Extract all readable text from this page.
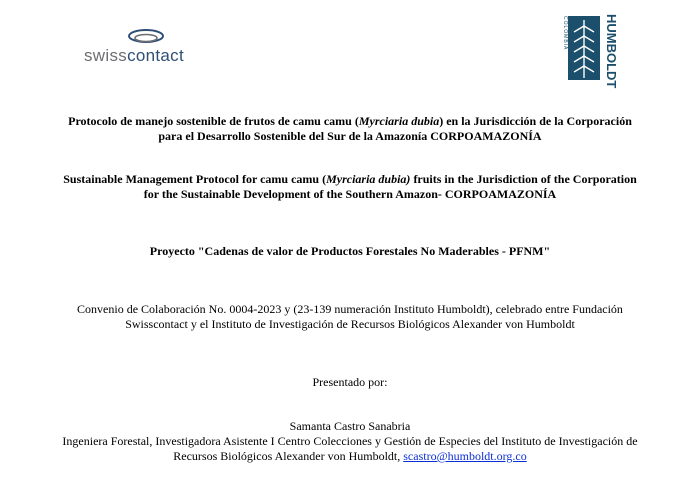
swisscontact	HUMBOLDT
COLOMBIA
Protocolo de manejo sostenible de frutos de camu camu (Myrciaria dubia) en la Jurisdicción de la Corporación para el Desarrollo Sostenible del Sur de la Amazonía CORPOAMAZONÍA
Sustainable Management Protocol for camu camu (Myrciaria dubia) fruits in the Jurisdiction of the Corporation for the Sustainable Development of the Southern Amazon- CORPOAMAZONÍA
Proyecto "Cadenas de valor de Productos Forestales No Maderables - PFNM"
Convenio de Colaboración No. 0004-2023 y (23-139 numeración Instituto Humboldt), celebrado entre Fundación Swisscontact y el Instituto de Investigación de Recursos Biológicos Alexander von Humboldt
Presentado por:
Samanta Castro Sanabria
Ingeniera Forestal, Investigadora Asistente I Centro Colecciones y Gestión de Especies del Instituto de Investigación de Recursos Biológicos Alexander von Humboldt, scastro@humboldt.org.co
